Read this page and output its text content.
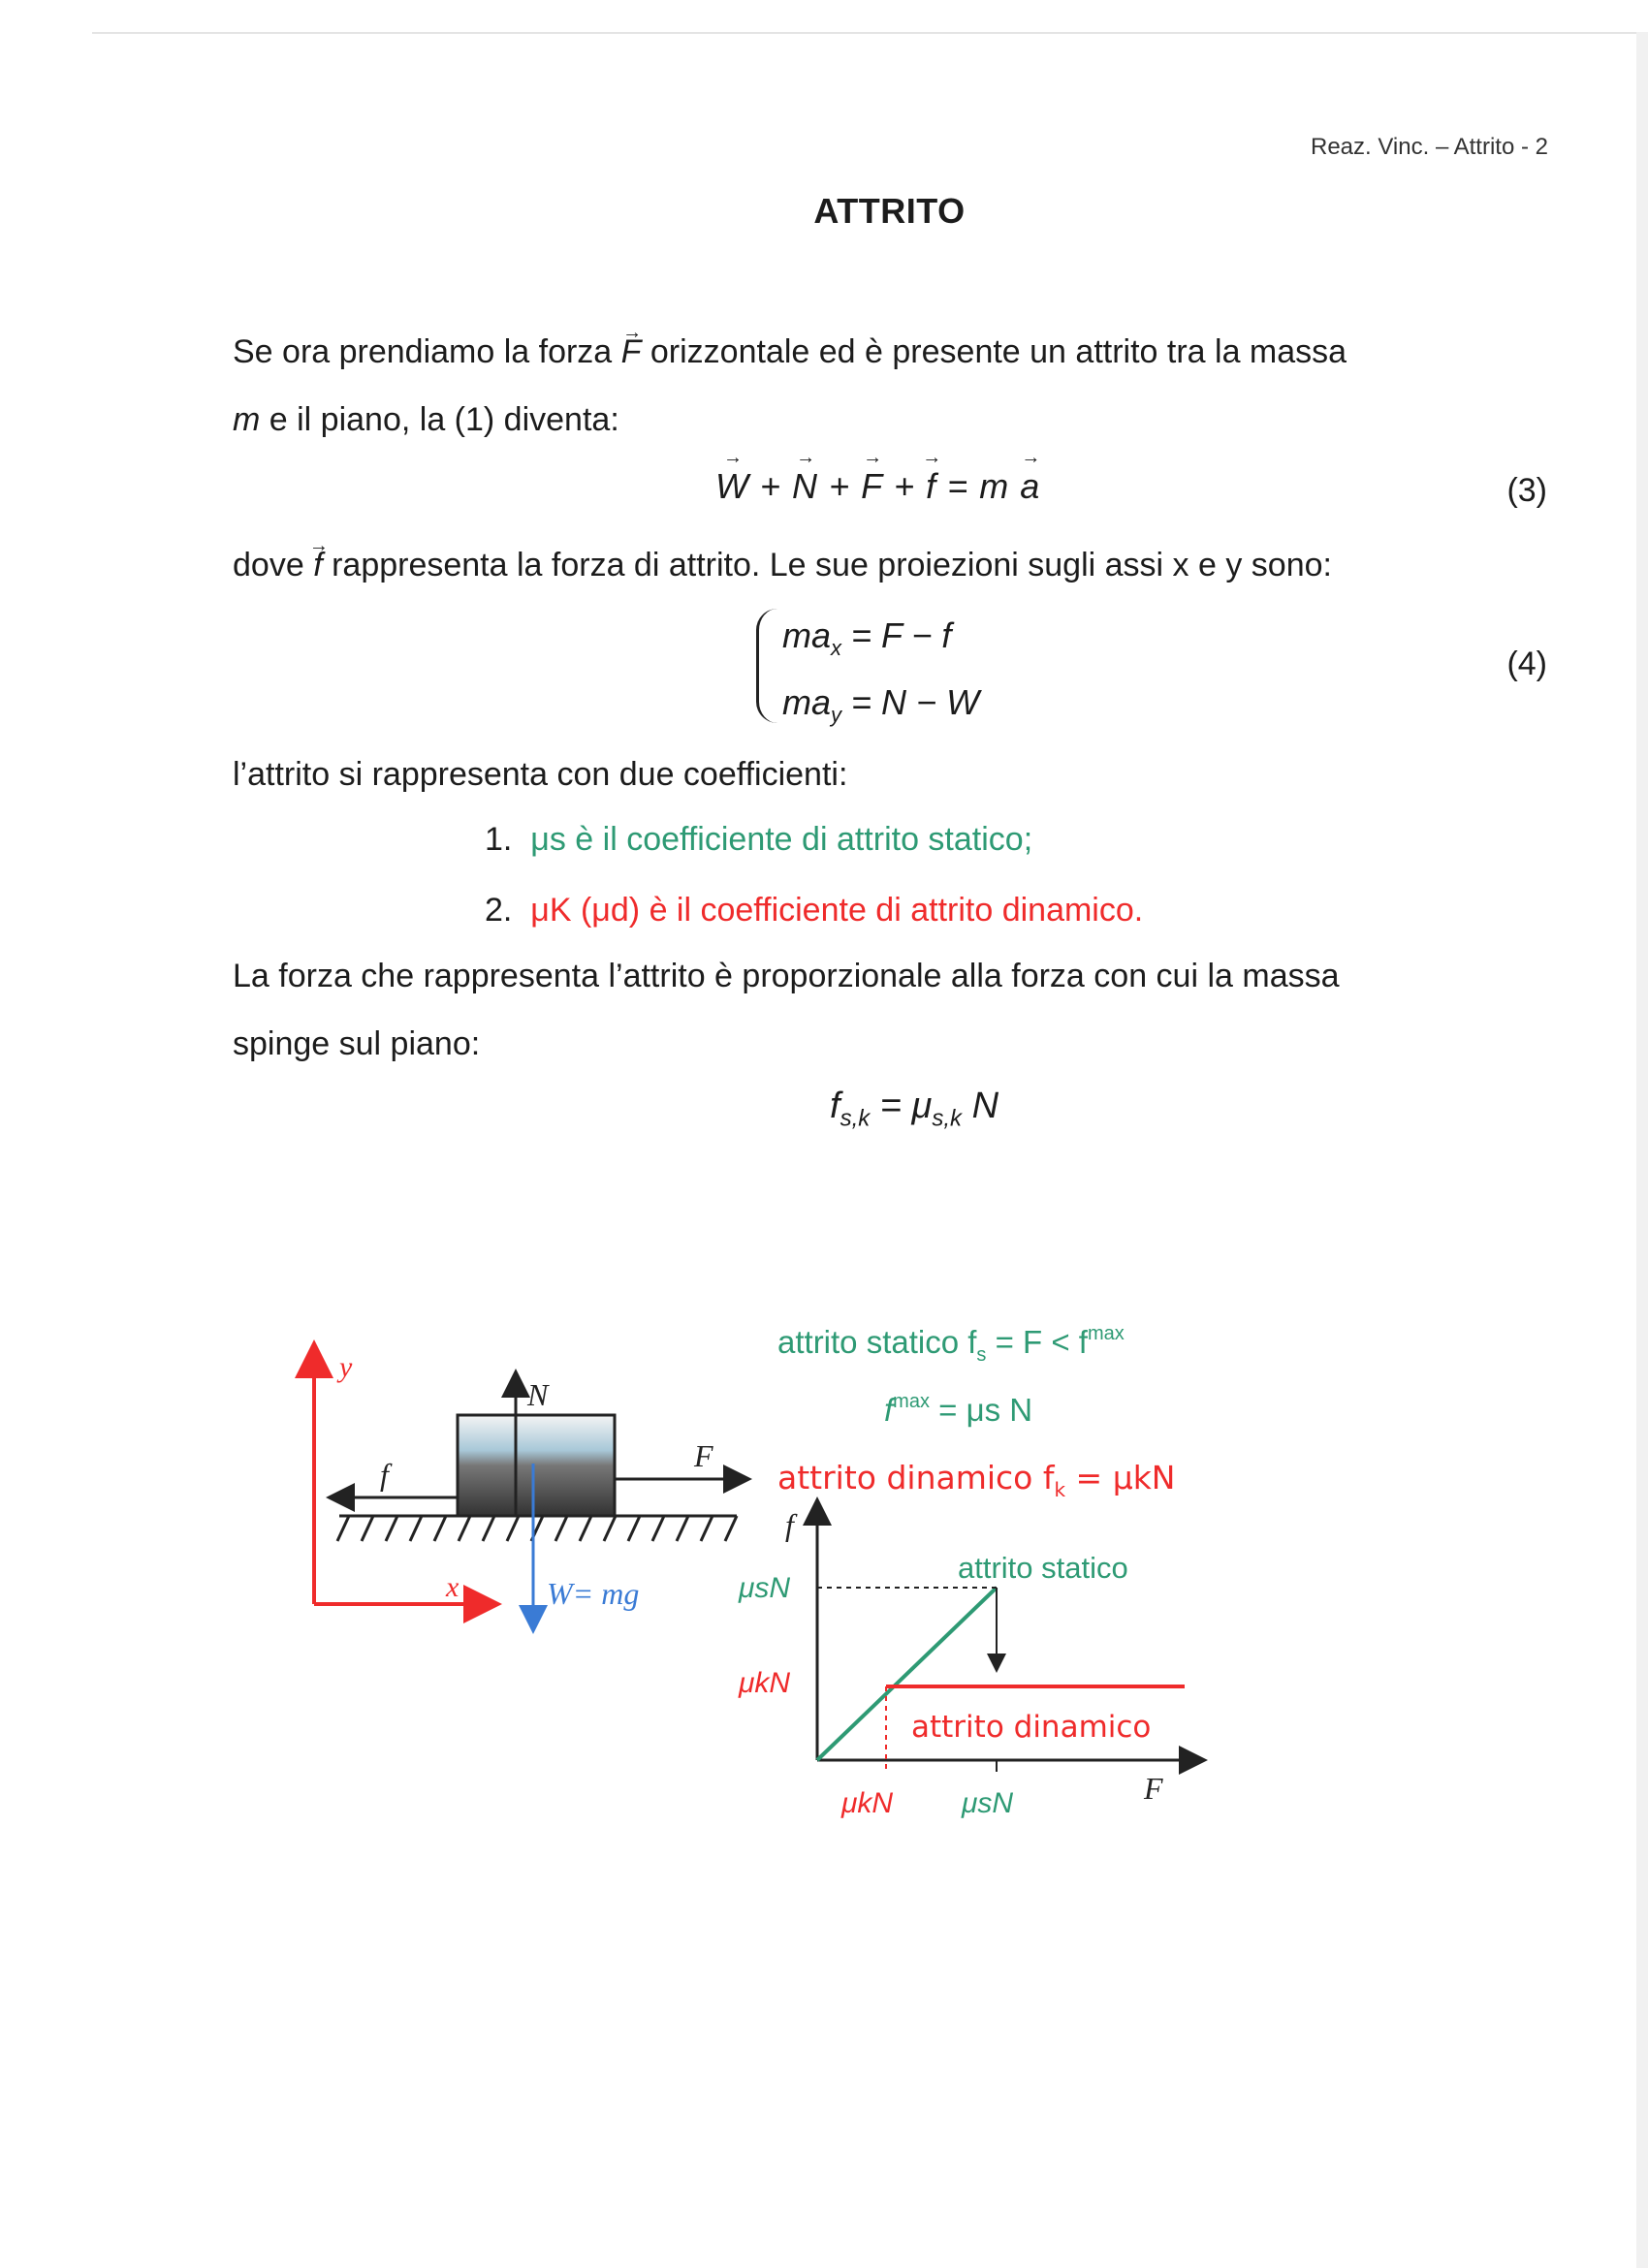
Reaz. Vinc. – Attrito - 2
ATTRITO
Se ora prendiamo la forza → F orizzontale ed è presente un attrito tra la massa
m e il piano, la (1) diventa:
→ W + → N + → F + → f = m → a	(3)
dove → f rappresenta la forza di attrito. Le sue proiezioni sugli assi x e y sono:
$ma_x = F - f$
$ma_y = N - W$
(4)
l’attrito si rappresenta con due coefficienti:
1. μs è il coefficiente di attrito statico;
2. μK (μd) è il coefficiente di attrito dinamico.
La forza che rappresenta l’attrito è proporzionale alla forza con cui la massa
spinge sul piano:
$f_{s,k} = \mu_{s,k}$ N
y
x
N
f
F
W= mg
attrito statico $f_s = F < f^{max}$
$f^{max} = \mu s$ N
attrito dinamico $f_k = \mu kN$
f
F
attrito statico
attrito dinamico
μsN
μkN
μkN μsN
